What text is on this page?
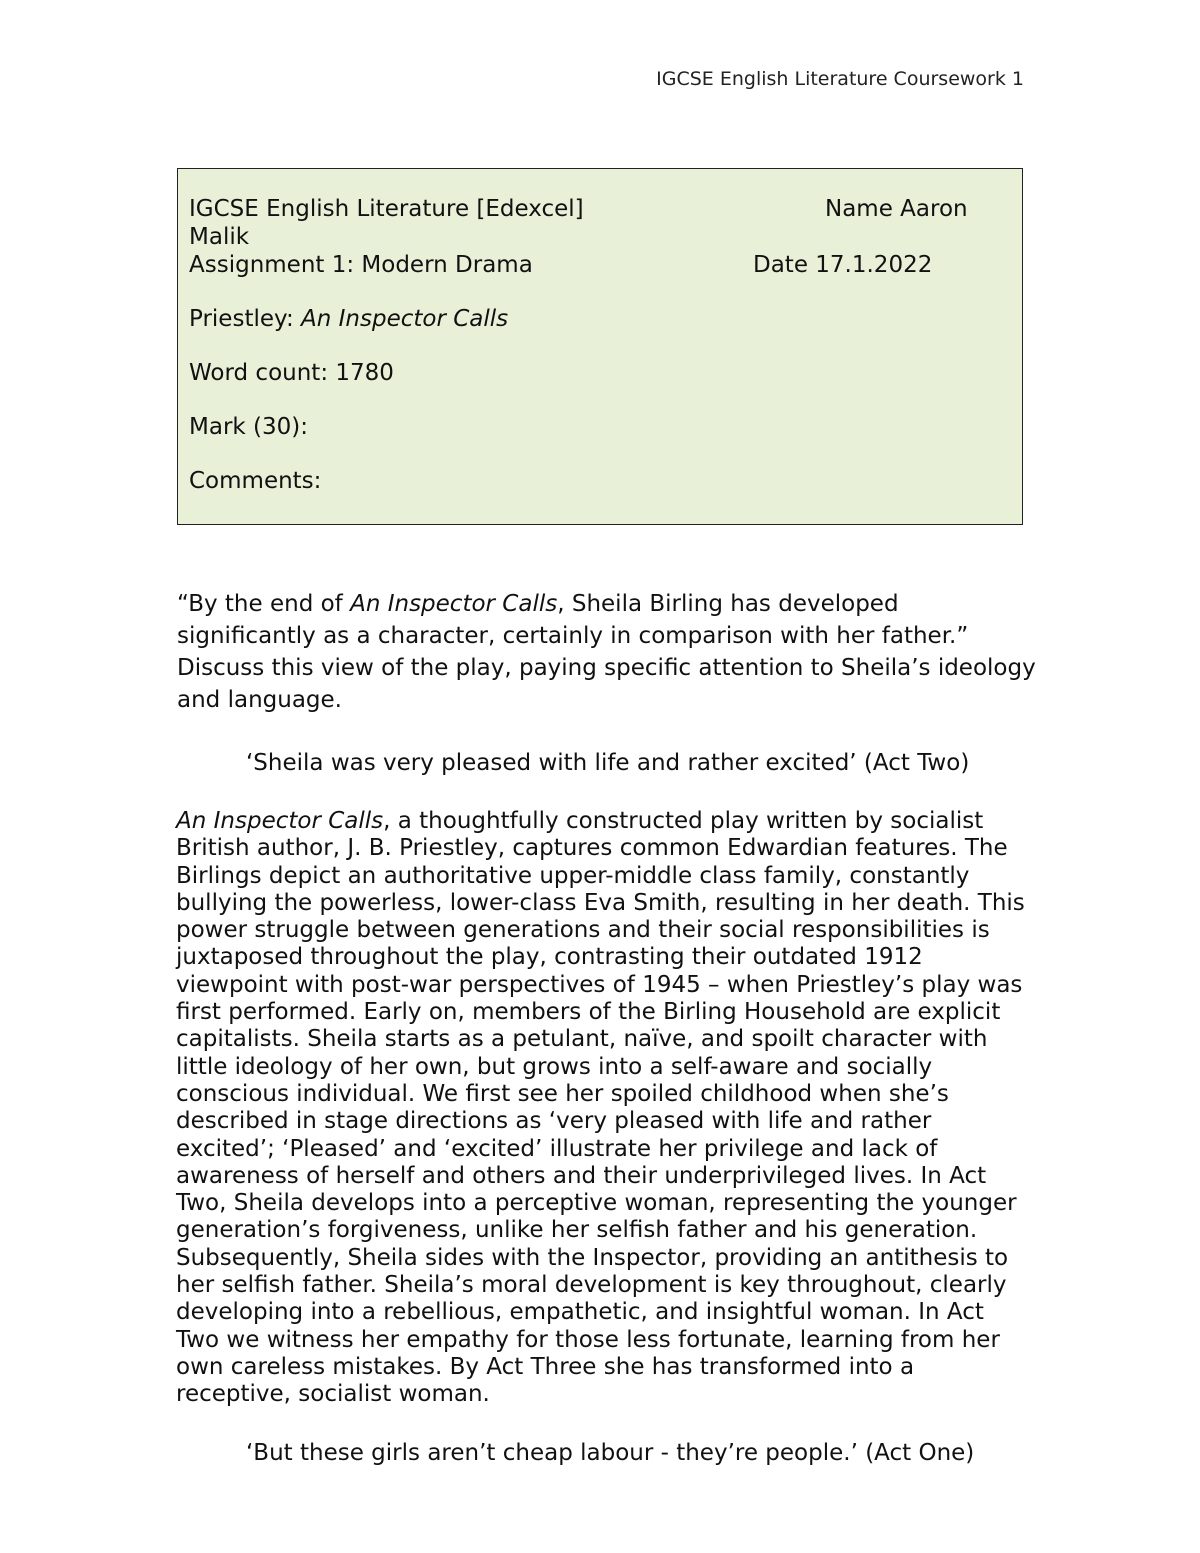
IGCSE English Literature Coursework 1
IGCSE English Literature [Edexcel]	Name Aaron
Malik
Assignment 1: Modern Drama	Date 17.1.2022
Priestley: An Inspector Calls
Word count: 1780
Mark (30):
Comments:
“By the end of An Inspector Calls, Sheila Birling has developed significantly as a character, certainly in comparison with her father.” Discuss this view of the play, paying specific attention to Sheila’s ideology and language.
‘Sheila was very pleased with life and rather excited’ (Act Two)
An Inspector Calls, a thoughtfully constructed play written by socialist British author, J. B. Priestley, captures common Edwardian features. The Birlings depict an authoritative upper-middle class family, constantly bullying the powerless, lower-class Eva Smith, resulting in her death. This power struggle between generations and their social responsibilities is juxtaposed throughout the play, contrasting their outdated 1912 viewpoint with post-war perspectives of 1945 – when Priestley’s play was first performed. Early on, members of the Birling Household are explicit capitalists. Sheila starts as a petulant, naïve, and spoilt character with little ideology of her own, but grows into a self-aware and socially conscious individual. We first see her spoiled childhood when she’s described in stage directions as ‘very pleased with life and rather excited’; ‘Pleased’ and ‘excited’ illustrate her privilege and lack of awareness of herself and others and their underprivileged lives. In Act Two, Sheila develops into a perceptive woman, representing the younger generation’s forgiveness, unlike her selfish father and his generation. Subsequently, Sheila sides with the Inspector, providing an antithesis to her selfish father. Sheila’s moral development is key throughout, clearly developing into a rebellious, empathetic, and insightful woman. In Act Two we witness her empathy for those less fortunate, learning from her own careless mistakes. By Act Three she has transformed into a receptive, socialist woman.
‘But these girls aren’t cheap labour - they’re people.’ (Act One)
